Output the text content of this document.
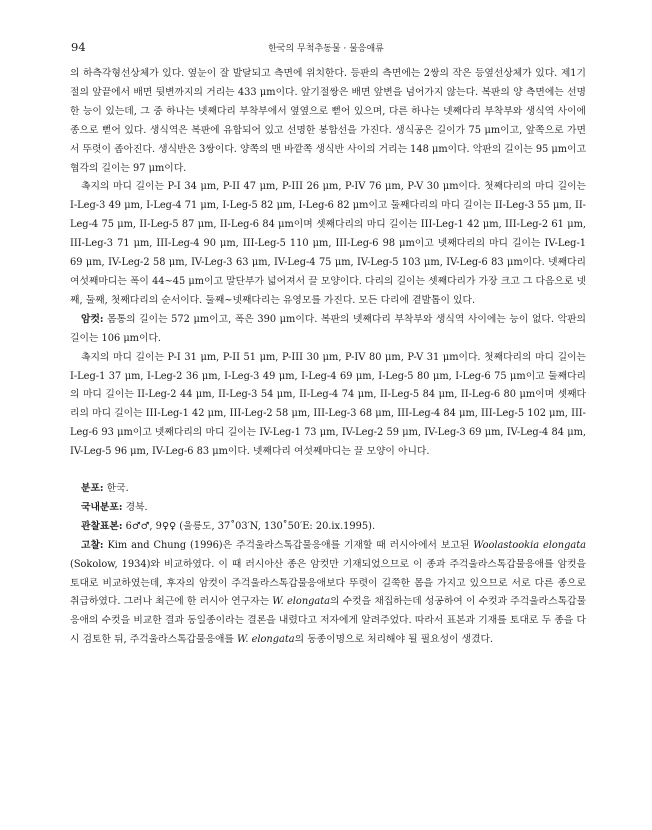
94	한국의 무척추동물 · 물응애류

의 하측각형선상체가 있다. 옆눈이 잘 발달되고 측면에 위치한다. 등판의 측면에는 2쌍의 작은 등옆선상체가 있다. 제1기절의 앞끝에서 배면 뒷변까지의 거리는 433 μm이다. 앞기절쌍은 배면 앞변을 넘어가지 않는다. 복판의 양 측면에는 선명한 능이 있는데, 그 중 하나는 넷째다리 부착부에서 옆옆으로 뻗어 있으며, 다른 하나는 넷째다리 부착부와 생식역 사이에 종으로 뻗어 있다. 생식역은 복판에 유합되어 있고 선명한 봉합선을 가진다. 생식공은 길이가 75 μm이고, 앞쪽으로 가면서 뚜렷이 좁아진다. 생식반은 3쌍이다. 양쪽의 맨 바깥쪽 생식반 사이의 거리는 148 μm이다. 악판의 길이는 95 μm이고 협각의 길이는 97 μm이다.

촉지의 마디 길이는 P-I 34 μm, P-II 47 μm, P-III 26 μm, P-IV 76 μm, P-V 30 μm이다. 첫째다리의 마디 길이는 I-Leg-3 49 μm, I-Leg-4 71 μm, I-Leg-5 82 μm, I-Leg-6 82 μm이고 둘째다리의 마디 길이는 II-Leg-3 55 μm, II-Leg-4 75 μm, II-Leg-5 87 μm, II-Leg-6 84 μm이며 셋째다리의 마디 길이는 III-Leg-1 42 μm, III-Leg-2 61 μm, III-Leg-3 71 μm, III-Leg-4 90 μm, III-Leg-5 110 μm, III-Leg-6 98 μm이고 넷째다리의 마디 길이는 IV-Leg-1 69 μm, IV-Leg-2 58 μm, IV-Leg-3 63 μm, IV-Leg-4 75 μm, IV-Leg-5 103 μm, IV-Leg-6 83 μm이다. 넷째다리 여섯째마디는 폭이 44~45 μm이고 말단부가 넓어져서 끌 모양이다. 다리의 길이는 셋째다리가 가장 크고 그 다음으로 넷째, 둘째, 첫째다리의 순서이다. 둘째~넷째다리는 유영모를 가진다. 모든 다리에 곁발톱이 있다.

암컷: 몸통의 길이는 572 μm이고, 폭은 390 μm이다. 복판의 넷째다리 부착부와 생식역 사이에는 능이 없다. 악판의 길이는 106 μm이다.

촉지의 마디 길이는 P-I 31 μm, P-II 51 μm, P-III 30 μm, P-IV 80 μm, P-V 31 μm이다. 첫째다리의 마디 길이는 I-Leg-1 37 μm, I-Leg-2 36 μm, I-Leg-3 49 μm, I-Leg-4 69 μm, I-Leg-5 80 μm, I-Leg-6 75 μm이고 둘째다리의 마디 길이는 II-Leg-2 44 μm, II-Leg-3 54 μm, II-Leg-4 74 μm, II-Leg-5 84 μm, II-Leg-6 80 μm이며 셋째다리의 마디 길이는 III-Leg-1 42 μm, III-Leg-2 58 μm, III-Leg-3 68 μm, III-Leg-4 84 μm, III-Leg-5 102 μm, III-Leg-6 93 μm이고 넷째다리의 마디 길이는 IV-Leg-1 73 μm, IV-Leg-2 59 μm, IV-Leg-3 69 μm, IV-Leg-4 84 μm, IV-Leg-5 96 μm, IV-Leg-6 83 μm이다. 넷째다리 여섯째마디는 끌 모양이 아니다.

분포: 한국.

국내분포: 경북.

관찰표본: 6♂♂, 9♀♀ (울릉도, 37˚03′N, 130˚50′E: 20.ix.1995).

고찰: Kim and Chung (1996)은 주걱울라스톡갑물응애를 기재할 때 러시아에서 보고된 Woolastookia elongata (Sokolow, 1934)와 비교하였다. 이 때 러시아산 종은 암컷만 기재되었으므로 이 종과 주걱울라스톡갑물응애를 암컷을 토대로 비교하였는데, 후자의 암컷이 주걱울라스톡갑물응애보다 뚜렷이 길쭉한 몸을 가지고 있으므로 서로 다른 종으로 취급하였다. 그러나 최근에 한 러시아 연구자는 W. elongata의 수컷을 채집하는데 성공하여 이 수컷과 주걱울라스톡갑물응애의 수컷을 비교한 결과 동일종이라는 결론을 내렸다고 저자에게 알려주었다. 따라서 표본과 기재를 토대로 두 종을 다시 검토한 뒤, 주걱울라스톡갑물응애를 W. elongata의 동종이명으로 처리해야 될 필요성이 생겼다.
